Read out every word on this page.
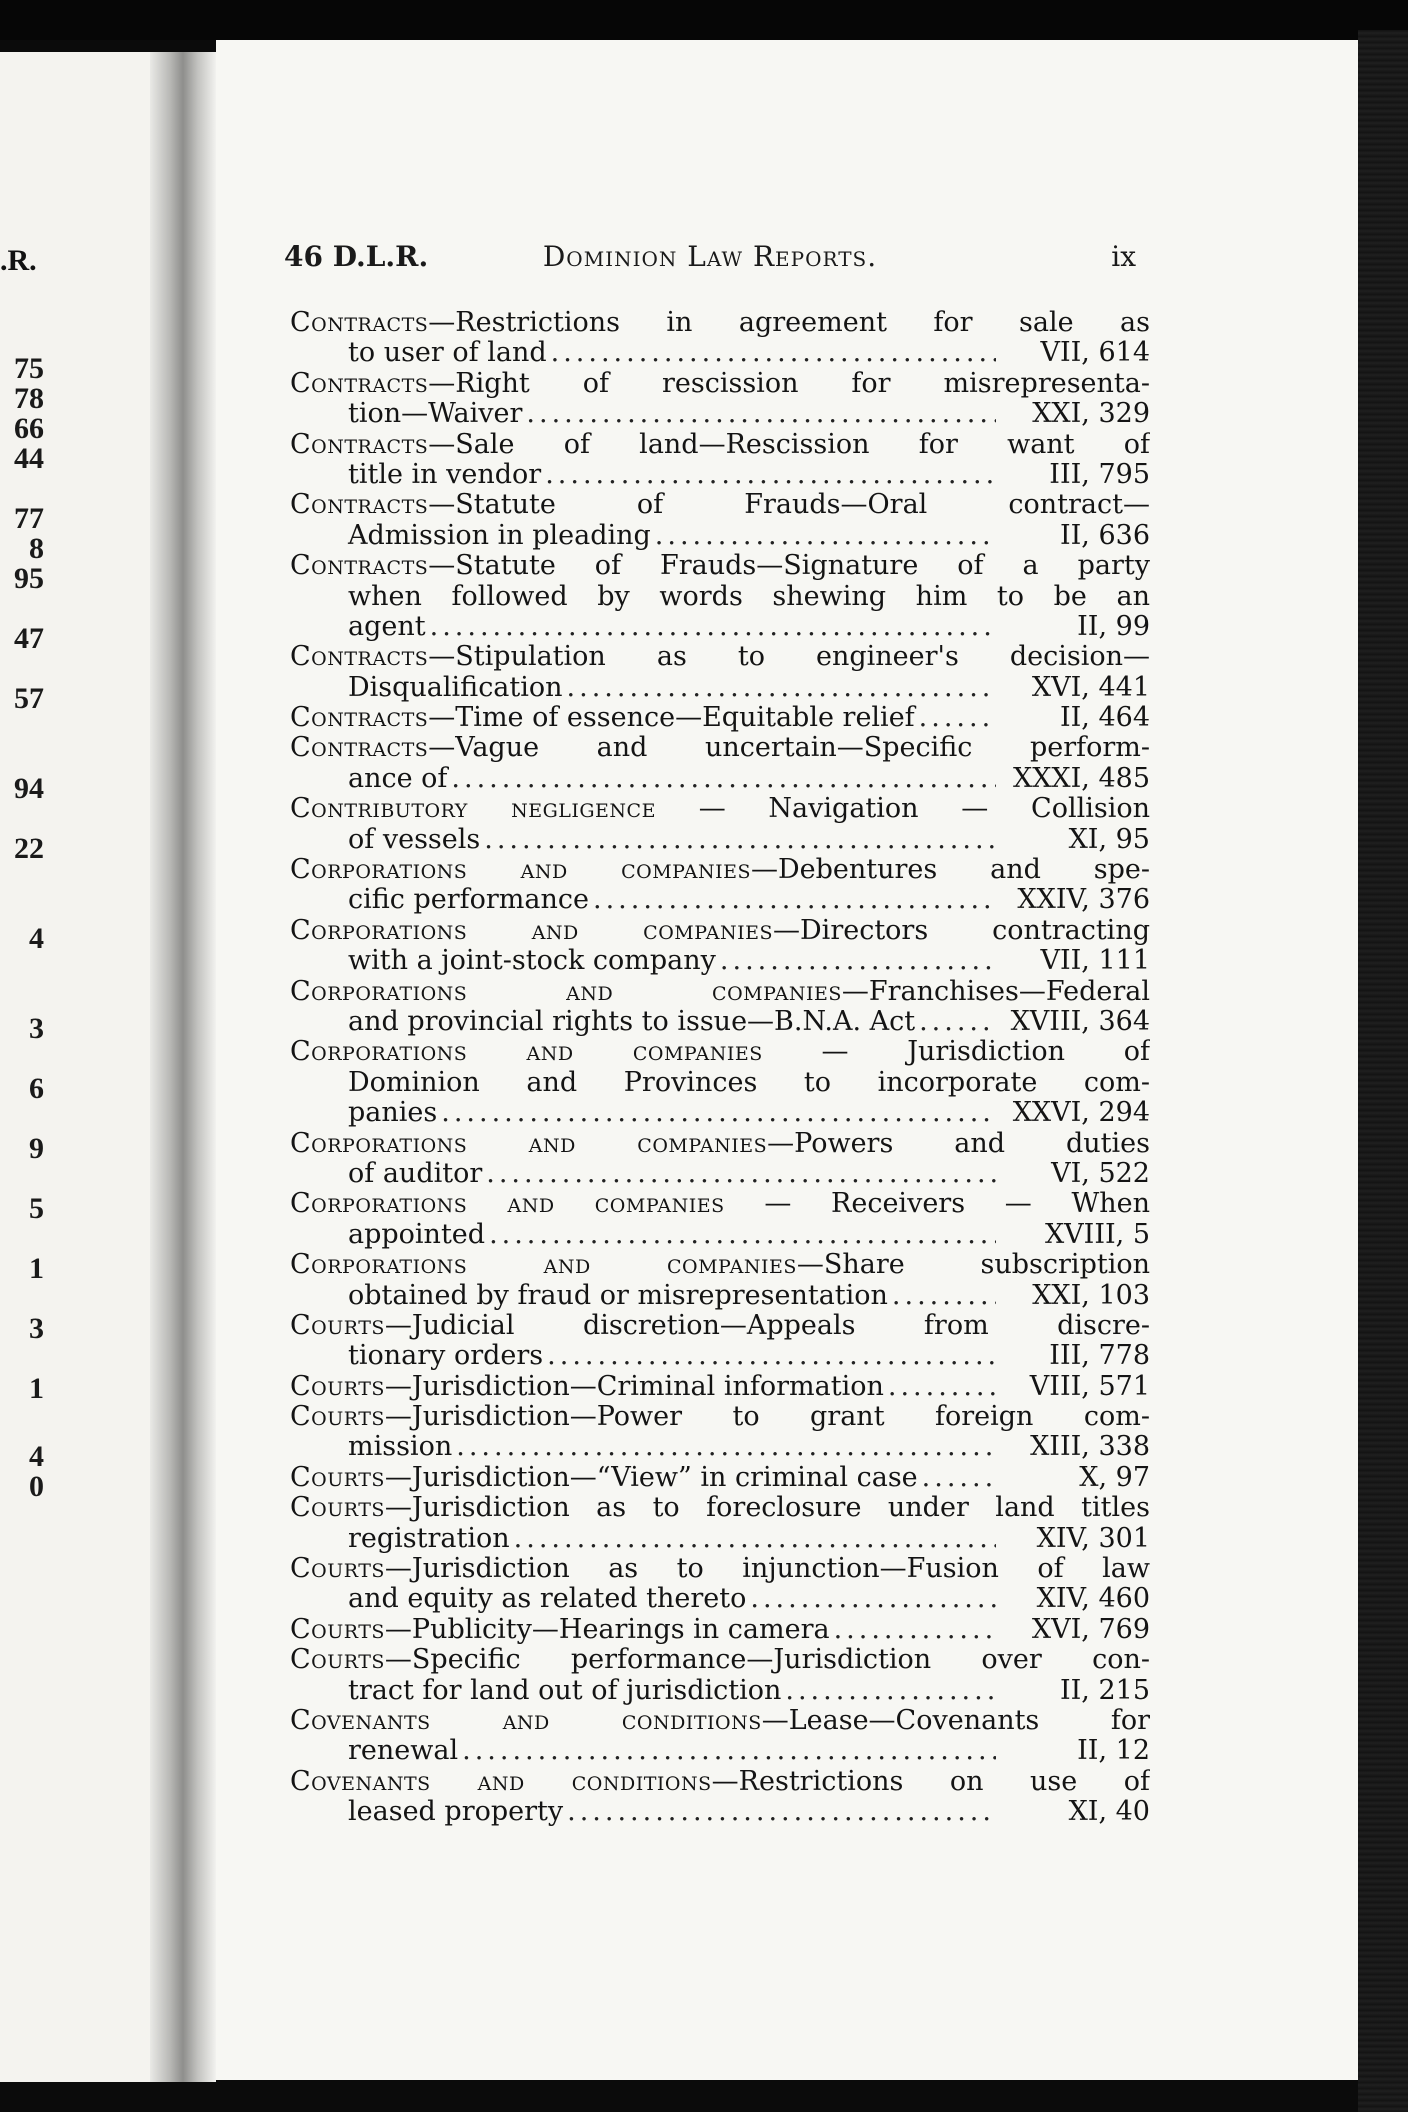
.R.
75
78
66
44
77
8
95
47
57
94
22
4
3
6
9
5
1
3
1
4
0
Dominion Law Reports.
46 D.L.R.	ix
Contracts—Restrictions in agreement for sale as
to user of land .....	VII, 614
Contracts—Right of rescission for misrepresenta-
tion—Waiver .....	XXI, 329
Contracts—Sale of land—Rescission for want of
title in vendor .....	III, 795
Contracts—Statute of Frauds—Oral contract—
Admission in pleading .....	II, 636
Contracts—Statute of Frauds—Signature of a party
when followed by words shewing him to be an
agent .....	II, 99
Contracts—Stipulation as to engineer's decision—
Disqualification .....	XVI, 441
Contracts—Time of essence—Equitable relief .....	II, 464
Contracts—Vague and uncertain—Specific perform-
ance of .....	XXXI, 485
Contributory negligence — Navigation — Collision
of vessels .....	XI, 95
Corporations and companies—Debentures and spe-
cific performance .....	XXIV, 376
Corporations and companies—Directors contracting
with a joint-stock company .....	VII, 111
Corporations and companies—Franchises—Federal
and provincial rights to issue—B.N.A. Act .....	XVIII, 364
Corporations and companies — Jurisdiction of
Dominion and Provinces to incorporate com-
panies .....	XXVI, 294
Corporations and companies—Powers and duties
of auditor .....	VI, 522
Corporations and companies — Receivers — When
appointed .....	XVIII, 5
Corporations and companies—Share subscription
obtained by fraud or misrepresentation .....	XXI, 103
Courts—Judicial discretion—Appeals from discre-
tionary orders .....	III, 778
Courts—Jurisdiction—Criminal information .....	VIII, 571
Courts—Jurisdiction—Power to grant foreign com-
mission .....	XIII, 338
Courts—Jurisdiction—“View” in criminal case .....	X, 97
Courts—Jurisdiction as to foreclosure under land titles
registration .....	XIV, 301
Courts—Jurisdiction as to injunction—Fusion of law
and equity as related thereto .....	XIV, 460
Courts—Publicity—Hearings in camera .....	XVI, 769
Courts—Specific performance—Jurisdiction over con-
tract for land out of jurisdiction .....	II, 215
Covenants and conditions—Lease—Covenants for
renewal .....	II, 12
Covenants and conditions—Restrictions on use of
leased property .....	XI, 40
